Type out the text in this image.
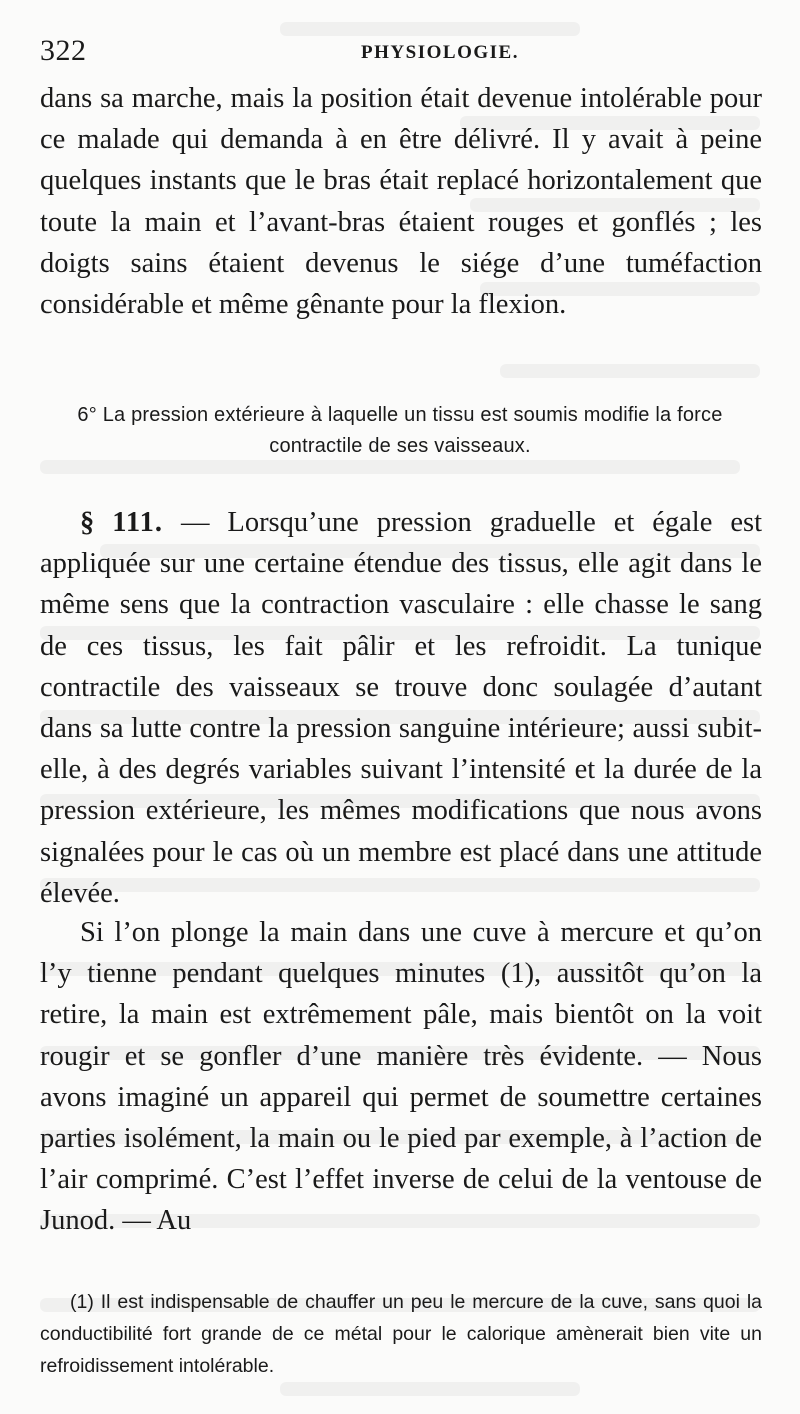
322	PHYSIOLOGIE.

dans sa marche, mais la position était devenue intolérable pour ce malade qui demanda à en être délivré. Il y avait à peine quelques instants que le bras était replacé horizontalement que toute la main et l’avant-bras étaient rouges et gonflés ; les doigts sains étaient devenus le siége d’une tuméfaction considérable et même gênante pour la flexion.

6° La pression extérieure à laquelle un tissu est soumis modifie la force
contractile de ses vaisseaux.

§ 111. — Lorsqu’une pression graduelle et égale est appliquée sur une certaine étendue des tissus, elle agit dans le même sens que la contraction vasculaire : elle chasse le sang de ces tissus, les fait pâlir et les refroidit. La tunique contractile des vaisseaux se trouve donc soulagée d’autant dans sa lutte contre la pression sanguine intérieure; aussi subit-elle, à des degrés variables suivant l’intensité et la durée de la pression extérieure, les mêmes modifications que nous avons signalées pour le cas où un membre est placé dans une attitude élevée.

Si l’on plonge la main dans une cuve à mercure et qu’on l’y tienne pendant quelques minutes (1), aussitôt qu’on la retire, la main est extrêmement pâle, mais bientôt on la voit rougir et se gonfler d’une manière très évidente. — Nous avons imaginé un appareil qui permet de soumettre certaines parties isolément, la main ou le pied par exemple, à l’action de l’air comprimé. C’est l’effet inverse de celui de la ventouse de Junod. — Au

(1) Il est indispensable de chauffer un peu le mercure de la cuve, sans quoi la conductibilité fort grande de ce métal pour le calorique amènerait bien vite un refroidissement intolérable.
